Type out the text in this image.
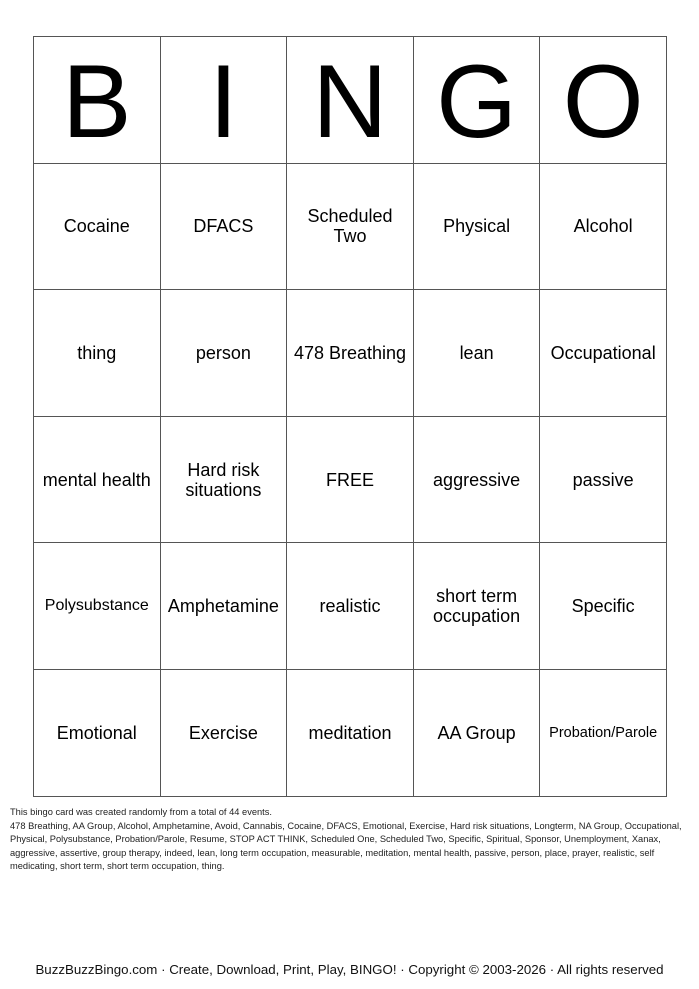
B	I	N	G	O
Cocaine	DFACS	Scheduled Two	Physical	Alcohol
thing	person	478 Breathing	lean	Occupational
mental health	Hard risk situations	FREE	aggressive	passive
Polysubstance	Amphetamine	realistic	short term occupation	Specific
Emotional	Exercise	meditation	AA Group	Probation/Parole
This bingo card was created randomly from a total of 44 events.
478 Breathing, AA Group, Alcohol, Amphetamine, Avoid, Cannabis, Cocaine, DFACS, Emotional, Exercise, Hard risk situations, Longterm, NA Group, Occupational, Physical, Polysubstance, Probation/Parole, Resume, STOP ACT THINK, Scheduled One, Scheduled Two, Specific, Spiritual, Sponsor, Unemployment, Xanax, aggressive, assertive, group therapy, indeed, lean, long term occupation, measurable, meditation, mental health, passive, person, place, prayer, realistic, self medicating, short term, short term occupation, thing.
BuzzBuzzBingo.com · Create, Download, Print, Play, BINGO! · Copyright © 2003-2026 · All rights reserved
